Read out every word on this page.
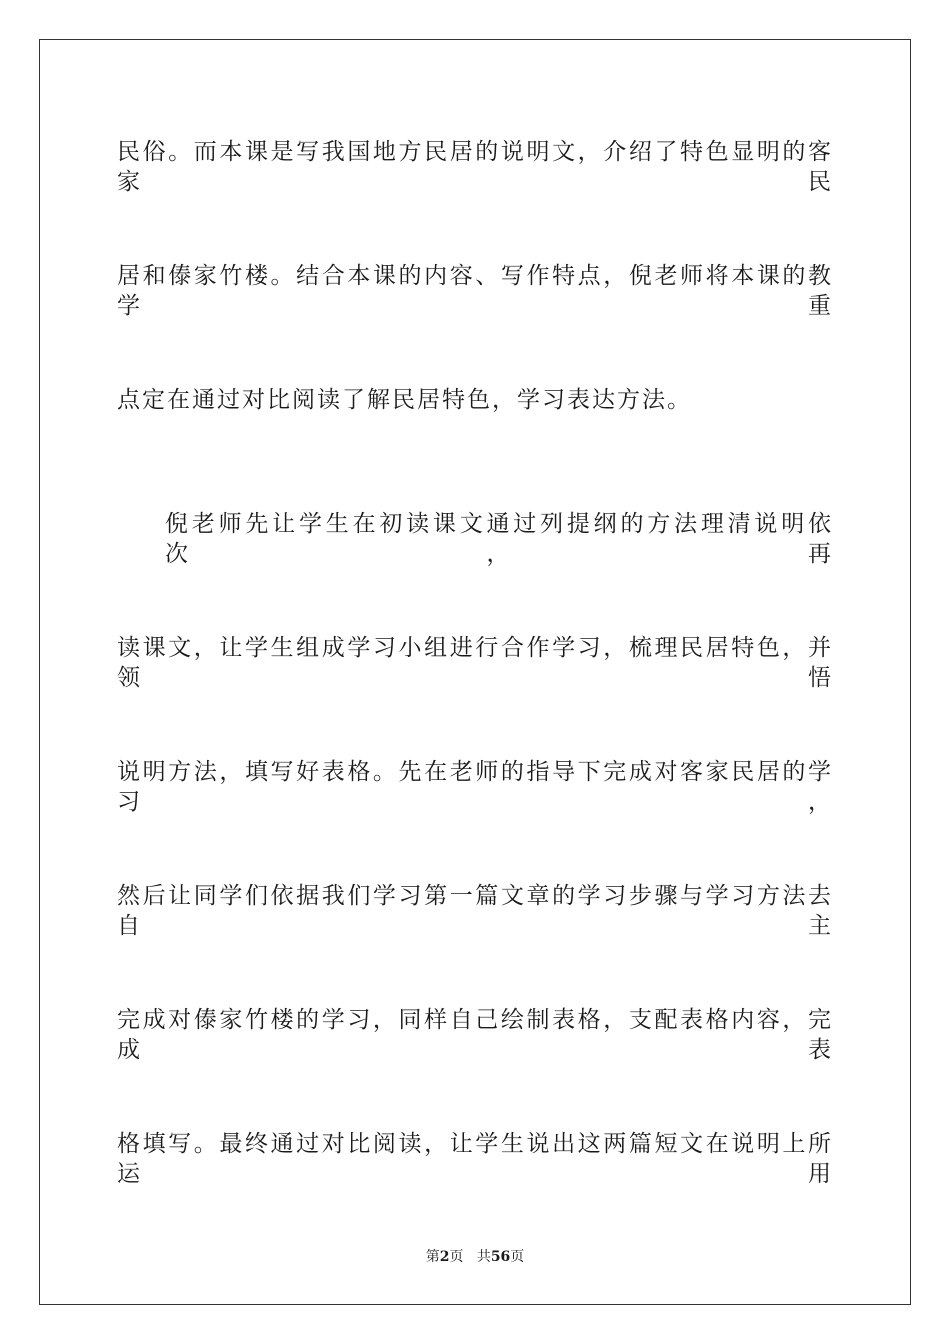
民俗。而本课是写我国地方民居的说明文，介绍了特色显明的客家民
居和傣家竹楼。结合本课的内容、写作特点，倪老师将本课的教学重
点定在通过对比阅读了解民居特色，学习表达方法。
倪老师先让学生在初读课文通过列提纲的方法理清说明依次，再
读课文，让学生组成学习小组进行合作学习，梳理民居特色，并领悟
说明方法，填写好表格。先在老师的指导下完成对客家民居的学习，
然后让同学们依据我们学习第一篇文章的学习步骤与学习方法去自主
完成对傣家竹楼的学习，同样自己绘制表格，支配表格内容，完成表
格填写。最终通过对比阅读，让学生说出这两篇短文在说明上所运用
第2页 共56页
